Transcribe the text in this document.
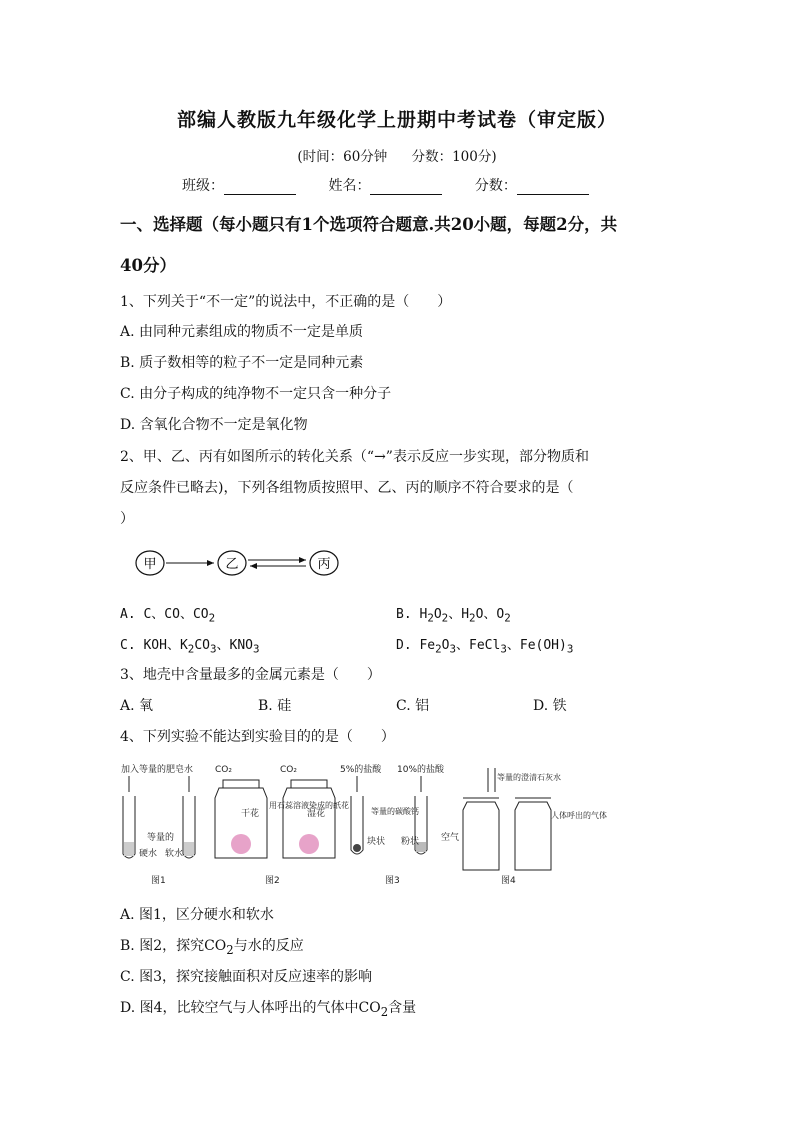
部编人教版九年级化学上册期中考试卷（审定版）
(时间：60分钟 分数：100分)
班级：	姓名：	分数：
一、选择题（每小题只有1个选项符合题意.共20小题，每题2分，共
40分）
1、下列关于“不一定”的说法中，不正确的是（　　）
A. 由同种元素组成的物质不一定是单质
B. 质子数相等的粒子不一定是同种元素
C. 由分子构成的纯净物不一定只含一种分子
D. 含氧化合物不一定是氧化物
2、甲、乙、丙有如图所示的转化关系（“→”表示反应一步实现，部分物质和
反应条件已略去)，下列各组物质按照甲、乙、丙的顺序不符合要求的是（
）
甲	乙	丙
A. C、CO、$CO_2$	B. $H_2O_2$、$H_2O$、$O_2$
C. KOH、$K_2CO_3$、$KNO_3$	D. $Fe_2O_3$、FeCl$_3$、$Fe(OH)_3$
3、地壳中含量最多的金属元素是（　　）
A. 氧	B. 硅	C. 铝	D. 铁
4、下列实验不能达到实验目的的是（　　）
加入等量的肥皂水
等量的
硬水 软水
图1
CO₂	CO₂
干花	湿花
用石蕊溶液染成的纸花
图2
5%的盐酸 10%的盐酸
等量的碳酸钙
块状 粉状
图3
等量的澄清石灰水
空气
人体呼出的气体
图4
A. 图1，区分硬水和软水
B. 图2，探究$CO_2$与水的反应
C. 图3，探究接触面积对反应速率的影响
D. 图4，比较空气与人体呼出的气体中$CO_2$含量
